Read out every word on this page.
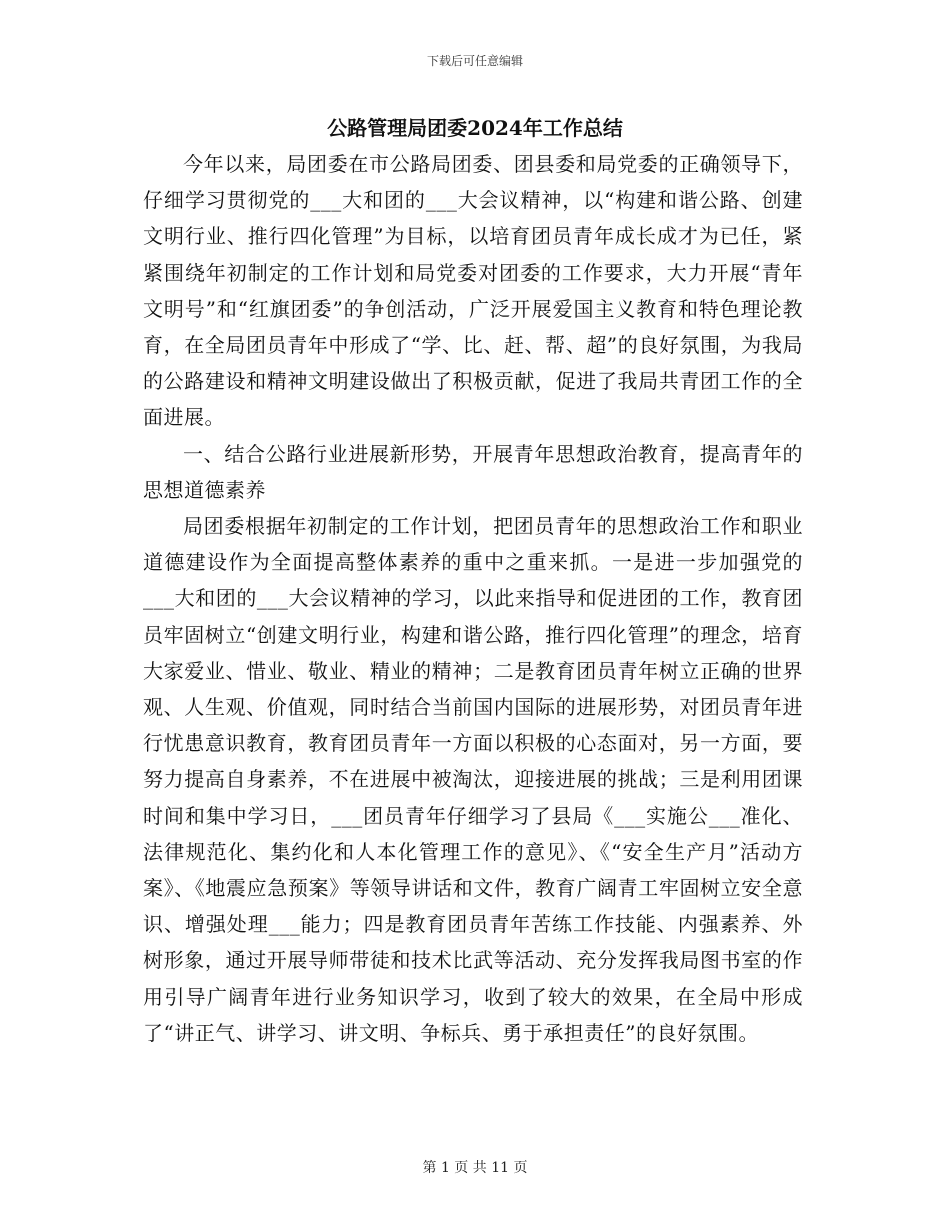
下载后可任意编辑
公路管理局团委2024年工作总结

今年以来，局团委在市公路局团委、团县委和局党委的正确领导下，仔细学习贯彻党的___大和团的___大会议精神，以“构建和谐公路、创建文明行业、推行四化管理”为目标，以培育团员青年成长成才为已任，紧紧围绕年初制定的工作计划和局党委对团委的工作要求，大力开展“青年文明号”和“红旗团委”的争创活动，广泛开展爱国主义教育和特色理论教育，在全局团员青年中形成了“学、比、赶、帮、超”的良好氛围，为我局的公路建设和精神文明建设做出了积极贡献，促进了我局共青团工作的全面进展。

一、结合公路行业进展新形势，开展青年思想政治教育，提高青年的思想道德素养

局团委根据年初制定的工作计划，把团员青年的思想政治工作和职业道德建设作为全面提高整体素养的重中之重来抓。一是进一步加强党的___大和团的___大会议精神的学习，以此来指导和促进团的工作，教育团员牢固树立“创建文明行业，构建和谐公路，推行四化管理”的理念，培育大家爱业、惜业、敬业、精业的精神；二是教育团员青年树立正确的世界观、人生观、价值观，同时结合当前国内国际的进展形势，对团员青年进行忧患意识教育，教育团员青年一方面以积极的心态面对，另一方面，要努力提高自身素养，不在进展中被淘汰，迎接进展的挑战；三是利用团课时间和集中学习日，___团员青年仔细学习了县局《___实施公___准化、法律规范化、集约化和人本化管理工作的意见》、《“安全生产月”活动方案》、《地震应急预案》等领导讲话和文件，教育广阔青工牢固树立安全意识、增强处理___能力；四是教育团员青年苦练工作技能、内强素养、外树形象，通过开展导师带徒和技术比武等活动、充分发挥我局图书室的作用引导广阔青年进行业务知识学习，收到了较大的效果，在全局中形成了“讲正气、讲学习、讲文明、争标兵、勇于承担责任”的良好氛围。

第 1 页 共 11 页
